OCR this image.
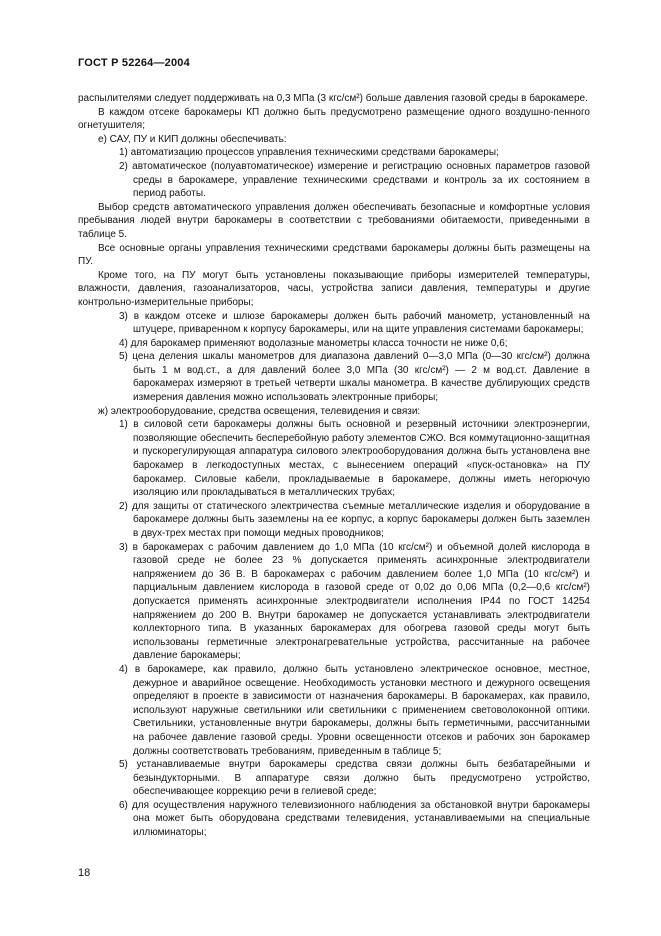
ГОСТ Р 52264—2004

распылителями следует поддерживать на 0,3 МПа (3 кгс/см²) больше давления газовой среды в барокамере.

В каждом отсеке барокамеры КП должно быть предусмотрено размещение одного воздушно-пенного огнетушителя;

е) САУ, ПУ и КИП должны обеспечивать:

1) автоматизацию процессов управления техническими средствами барокамеры;

2) автоматическое (полуавтоматическое) измерение и регистрацию основных параметров газовой среды в барокамере, управление техническими средствами и контроль за их состоянием в период работы.

Выбор средств автоматического управления должен обеспечивать безопасные и комфортные условия пребывания людей внутри барокамеры в соответствии с требованиями обитаемости, приведенными в таблице 5.

Все основные органы управления техническими средствами барокамеры должны быть размещены на ПУ.

Кроме того, на ПУ могут быть установлены показывающие приборы измерителей температуры, влажности, давления, газоанализаторов, часы, устройства записи давления, температуры и другие контрольно-измерительные приборы;

3) в каждом отсеке и шлюзе барокамеры должен быть рабочий манометр, установленный на штуцере, приваренном к корпусу барокамеры, или на щите управления системами барокамеры;

4) для барокамер применяют водолазные манометры класса точности не ниже 0,6;

5) цена деления шкалы манометров для диапазона давлений 0—3,0 МПа (0—30 кгс/см²) должна быть 1 м вод.ст., а для давлений более 3,0 МПа (30 кгс/см²) — 2 м вод.ст. Давление в барокамерах измеряют в третьей четверти шкалы манометра. В качестве дублирующих средств измерения давления можно использовать электронные приборы;

ж) электрооборудование, средства освещения, телевидения и связи:

1) в силовой сети барокамеры должны быть основной и резервный источники электроэнергии, позволяющие обеспечить бесперебойную работу элементов СЖО. Вся коммутационно-защитная и пускорегулирующая аппаратура силового электрооборудования должна быть установлена вне барокамер в легкодоступных местах, с вынесением операций «пуск-остановка» на ПУ барокамер. Силовые кабели, прокладываемые в барокамере, должны иметь негорючую изоляцию или прокладываться в металлических трубах;

2) для защиты от статического электричества съемные металлические изделия и оборудование в барокамере должны быть заземлены на ее корпус, а корпус барокамеры должен быть заземлен в двух-трех местах при помощи медных проводников;

3) в барокамерах с рабочим давлением до 1,0 МПа (10 кгс/см²) и объемной долей кислорода в газовой среде не более 23 % допускается применять асинхронные электродвигатели напряжением до 36 В. В барокамерах с рабочим давлением более 1,0 МПа (10 кгс/см²) и парциальным давлением кислорода в газовой среде от 0,02 до 0,06 МПа (0,2—0,6 кгс/см²) допускается применять асинхронные электродвигатели исполнения IP44 по ГОСТ 14254 напряжением до 200 В. Внутри барокамер не допускается устанавливать электродвигатели коллекторного типа. В указанных барокамерах для обогрева газовой среды могут быть использованы герметичные электронагревательные устройства, рассчитанные на рабочее давление барокамеры;

4) в барокамере, как правило, должно быть установлено электрическое основное, местное, дежурное и аварийное освещение. Необходимость установки местного и дежурного освещения определяют в проекте в зависимости от назначения барокамеры. В барокамерах, как правило, используют наружные светильники или светильники с применением световолоконной оптики. Светильники, установленные внутри барокамеры, должны быть герметичными, рассчитанными на рабочее давление газовой среды. Уровни освещенности отсеков и рабочих зон барокамер должны соответствовать требованиям, приведенным в таблице 5;

5) устанавливаемые внутри барокамеры средства связи должны быть безбатарейными и безындукторными. В аппаратуре связи должно быть предусмотрено устройство, обеспечивающее коррекцию речи в гелиевой среде;

6) для осуществления наружного телевизионного наблюдения за обстановкой внутри барокамеры она может быть оборудована средствами телевидения, устанавливаемыми на специальные иллюминаторы;

18
